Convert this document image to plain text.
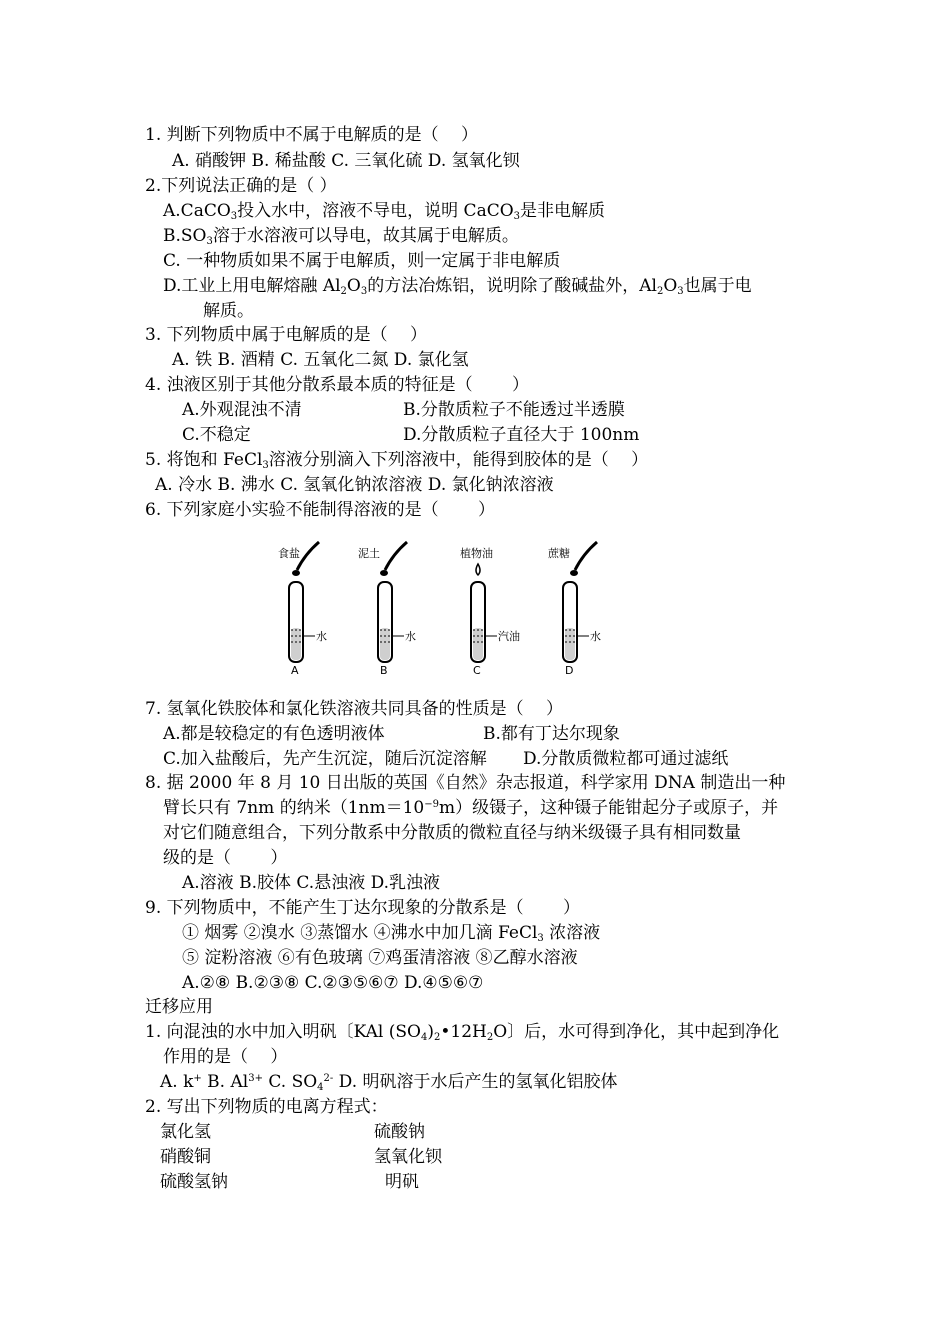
1. 判断下列物质中不属于电解质的是（　 ）
A. 硝酸钾 B. 稀盐酸 C. 三氧化硫 D. 氢氧化钡
2.下列说法正确的是（ ）
A.CaCO$_3$投入水中，溶液不导电，说明 CaCO$_3$是非电解质
$B.SO_3$溶于水溶液可以导电，故其属于电解质。
C. 一种物质如果不属于电解质，则一定属于非电解质
D.工业上用电解熔融 $Al_2O_3$的方法冶炼铝，说明除了酸碱盐外，$Al_2O_3$也属于电
解质。
3. 下列物质中属于电解质的是（　 ）
A. 铁 B. 酒精 C. 五氧化二氮 D. 氯化氢
4. 浊液区别于其他分散系最本质的特征是（　　 ）
A.外观混浊不清	B.分散质粒子不能透过半透膜
C.不稳定	D.分散质粒子直径大于 100nm
5. 将饱和 FeCl$_3$溶液分别滴入下列溶液中，能得到胶体的是（　 ）
A. 冷水 B. 沸水 C. 氢氧化钠浓溶液 D. 氯化钠浓溶液
6. 下列家庭小实验不能制得溶液的是（　　 ）
食盐
水
A
泥土
水
B
植物油
汽油
C
蔗糖
水
D
7. 氢氧化铁胶体和氯化铁溶液共同具备的性质是（　 ）
A.都是较稳定的有色透明液体	B.都有丁达尔现象
C.加入盐酸后，先产生沉淀，随后沉淀溶解 D.分散质微粒都可通过滤纸
8. 据 2000 年 8 月 10 日出版的英国《自然》杂志报道，科学家用 DNA 制造出一种
臂长只有 7nm 的纳米$(1nm=10^{-9}m)$级镊子，这种镊子能钳起分子或原子，并
对它们随意组合，下列分散系中分散质的微粒直径与纳米级镊子具有相同数量
级的是（　　 ）
A.溶液 B.胶体 C.悬浊液 D.乳浊液
9. 下列物质中，不能产生丁达尔现象的分散系是（　　 ）
① 烟雾 ②溴水 ③蒸馏水 ④沸水中加几滴 FeCl$_3$ 浓溶液
⑤ 淀粉溶液 ⑥有色玻璃 ⑦鸡蛋清溶液 ⑧乙醇水溶液
A.②⑧ B.②③⑧ C.②③⑤⑥⑦ D.④⑤⑥⑦
迁移应用
1. 向混浊的水中加入明矾〔KAl $(SO_4)_2•12H_2O$〕后，水可得到净化，其中起到净化
作用的是（　 ）
A. k+ B. $Al^{3+}$ C. $SO_4^{2-}$ D. 明矾溶于水后产生的氢氧化铝胶体
2. 写出下列物质的电离方程式：
氯化氢	硫酸钠
硝酸铜	氢氧化钡
硫酸氢钠	明矾
